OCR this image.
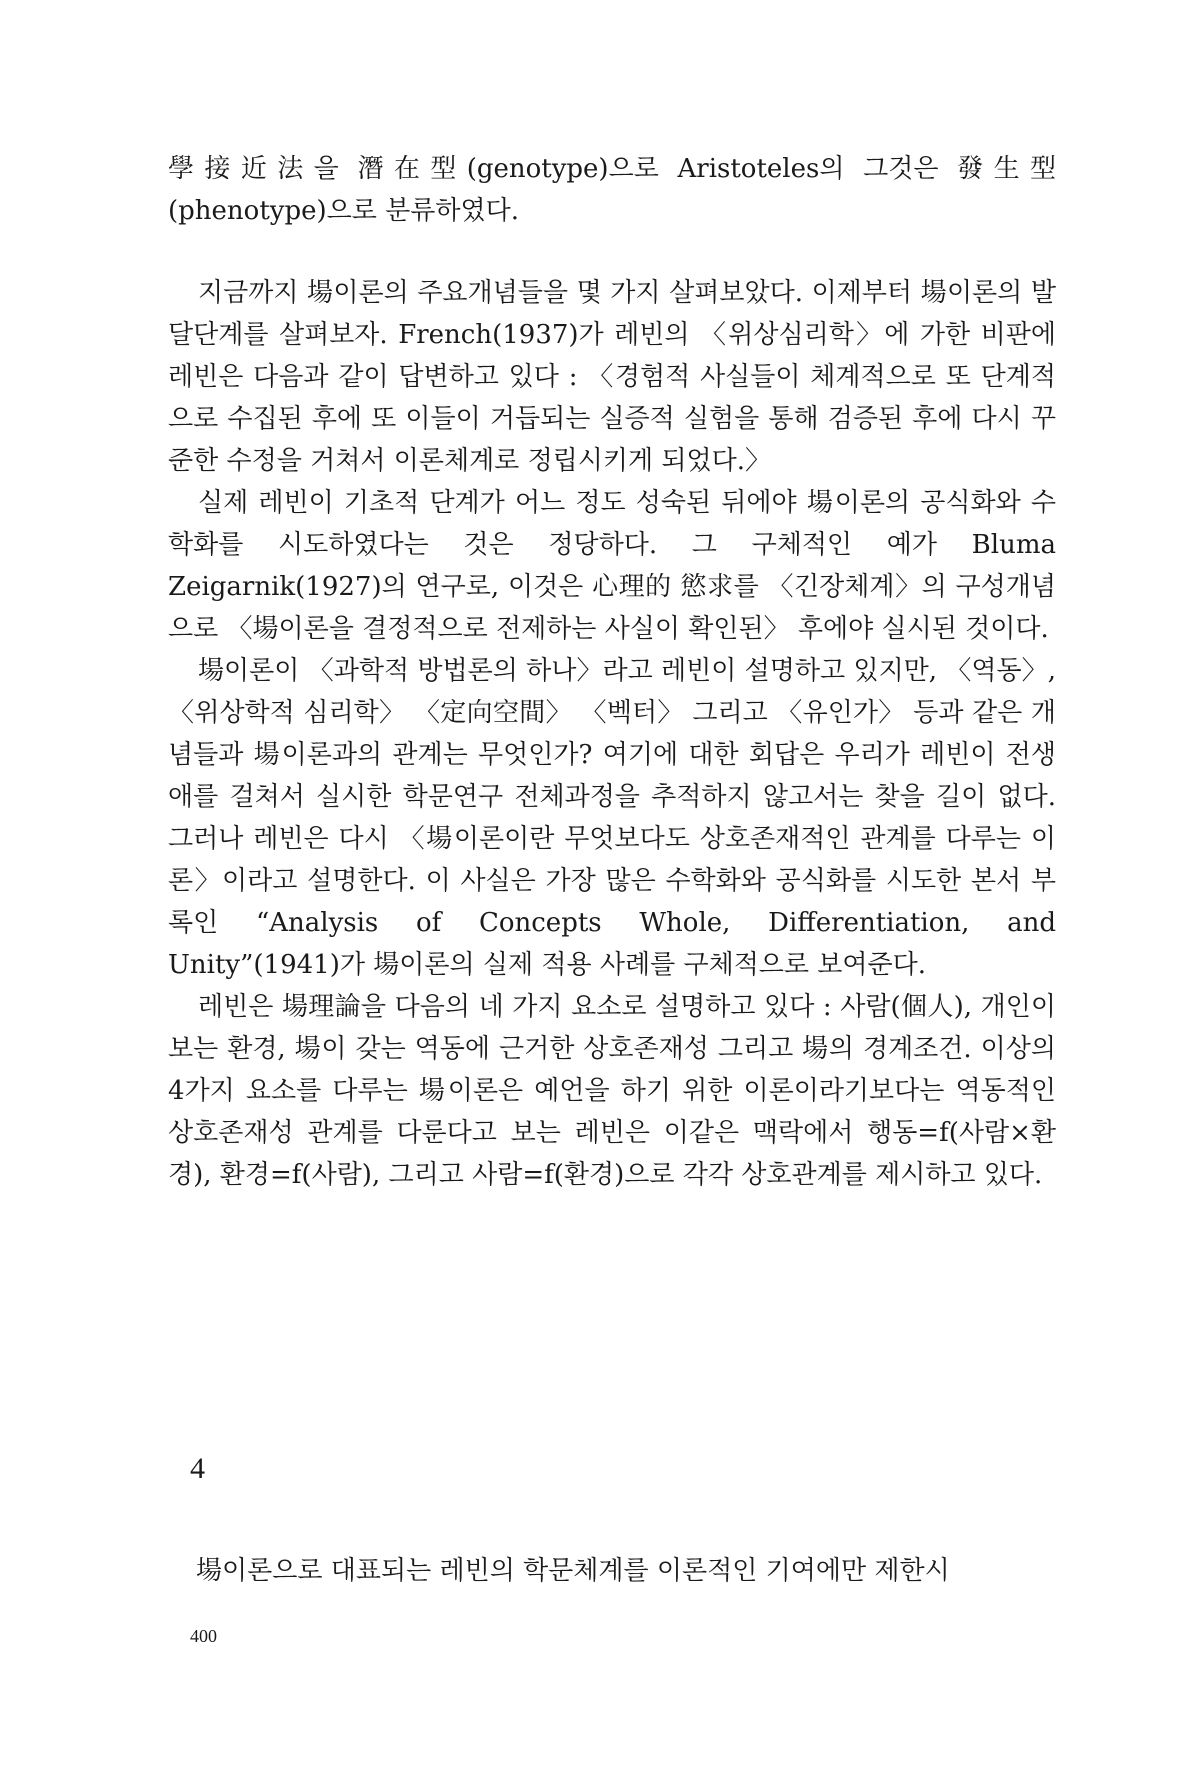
學接近法을 潛在型(genotype)으로 Aristoteles의 그것은 發生型(phenotype)으로 분류하였다.

지금까지 場이론의 주요개념들을 몇 가지 살펴보았다. 이제부터 場이론의 발달단계를 살펴보자. French(1937)가 레빈의 〈위상심리학〉에 가한 비판에 레빈은 다음과 같이 답변하고 있다 : 〈경험적 사실들이 체계적으로 또 단계적으로 수집된 후에 또 이들이 거듭되는 실증적 실험을 통해 검증된 후에 다시 꾸준한 수정을 거쳐서 이론체계로 정립시키게 되었다.〉

실제 레빈이 기초적 단계가 어느 정도 성숙된 뒤에야 場이론의 공식화와 수학화를 시도하였다는 것은 정당하다. 그 구체적인 예가 Bluma Zeigarnik(1927)의 연구로, 이것은 心理的 慾求를 〈긴장체계〉의 구성개념으로 〈場이론을 결정적으로 전제하는 사실이 확인된〉 후에야 실시된 것이다.

場이론이 〈과학적 방법론의 하나〉라고 레빈이 설명하고 있지만, 〈역동〉, 〈위상학적 심리학〉 〈定向空間〉 〈벡터〉 그리고 〈유인가〉 등과 같은 개념들과 場이론과의 관계는 무엇인가? 여기에 대한 회답은 우리가 레빈이 전생애를 걸쳐서 실시한 학문연구 전체과정을 추적하지 않고서는 찾을 길이 없다. 그러나 레빈은 다시 〈場이론이란 무엇보다도 상호존재적인 관계를 다루는 이론〉이라고 설명한다. 이 사실은 가장 많은 수학화와 공식화를 시도한 본서 부록인 “Analysis of Concepts Whole, Differentiation, and Unity”(1941)가 場이론의 실제 적용 사례를 구체적으로 보여준다.

레빈은 場理論을 다음의 네 가지 요소로 설명하고 있다 : 사람(個人), 개인이 보는 환경, 場이 갖는 역동에 근거한 상호존재성 그리고 場의 경계조건. 이상의 4가지 요소를 다루는 場이론은 예언을 하기 위한 이론이라기보다는 역동적인 상호존재성 관계를 다룬다고 보는 레빈은 이같은 맥락에서 행동=f(사람×환경), 환경=f(사람), 그리고 사람=f(환경)으로 각각 상호관계를 제시하고 있다.

4

場이론으로 대표되는 레빈의 학문체계를 이론적인 기여에만 제한시

400
